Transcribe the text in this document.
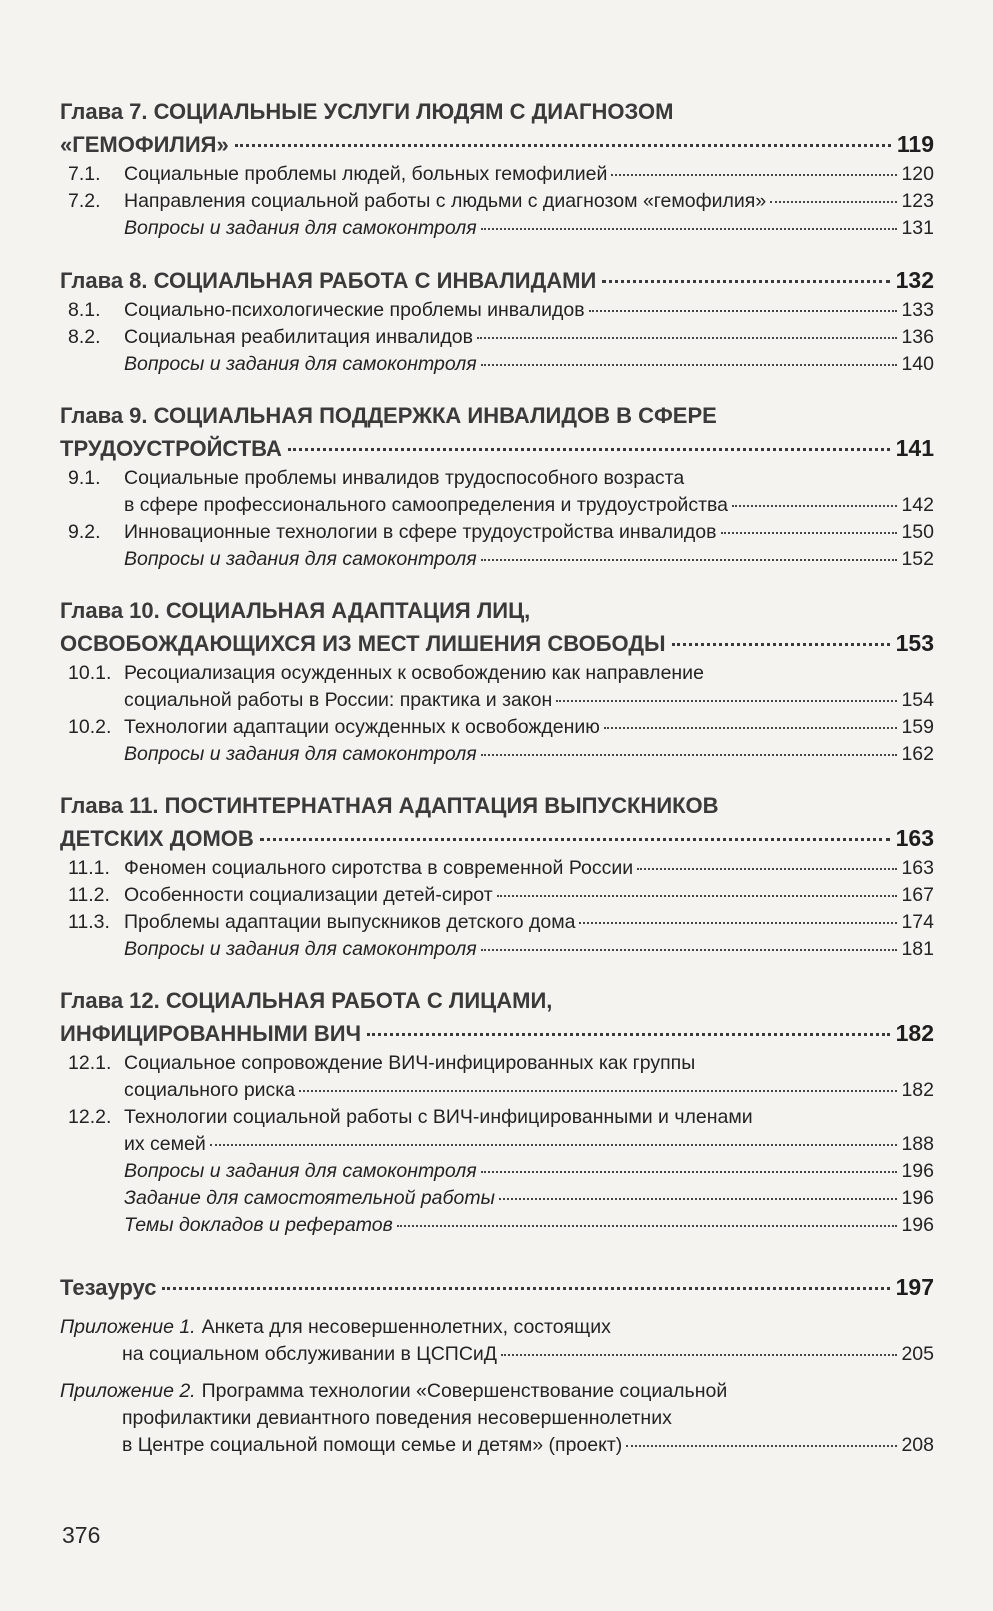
Глава 7. СОЦИАЛЬНЫЕ УСЛУГИ ЛЮДЯМ С ДИАГНОЗОМ
«ГЕМОФИЛИЯ»	119
7.1.	Социальные проблемы людей, больных гемофилией	120
7.2.	Направления социальной работы с людьми с диагнозом «гемофилия»	123
Вопросы и задания для самоконтроля	131
Глава 8. СОЦИАЛЬНАЯ РАБОТА С ИНВАЛИДАМИ	132
8.1.	Социально-психологические проблемы инвалидов	133
8.2.	Социальная реабилитация инвалидов	136
Вопросы и задания для самоконтроля	140
Глава 9. СОЦИАЛЬНАЯ ПОДДЕРЖКА ИНВАЛИДОВ В СФЕРЕ
ТРУДОУСТРОЙСТВА	141
9.1.	Социальные проблемы инвалидов трудоспособного возраста
в сфере профессионального самоопределения и трудоустройства	142
9.2.	Инновационные технологии в сфере трудоустройства инвалидов	150
Вопросы и задания для самоконтроля	152
Глава 10. СОЦИАЛЬНАЯ АДАПТАЦИЯ ЛИЦ,
ОСВОБОЖДАЮЩИХСЯ ИЗ МЕСТ ЛИШЕНИЯ СВОБОДЫ	153
10.1. Ресоциализация осужденных к освобождению как направление
социальной работы в России: практика и закон	154
10.2. Технологии адаптации осужденных к освобождению	159
Вопросы и задания для самоконтроля	162
Глава 11. ПОСТИНТЕРНАТНАЯ АДАПТАЦИЯ ВЫПУСКНИКОВ
ДЕТСКИХ ДОМОВ	163
11.1. Феномен социального сиротства в современной России	163
11.2. Особенности социализации детей-сирот	167
11.3. Проблемы адаптации выпускников детского дома	174
Вопросы и задания для самоконтроля	181
Глава 12. СОЦИАЛЬНАЯ РАБОТА С ЛИЦАМИ,
ИНФИЦИРОВАННЫМИ ВИЧ	182
12.1. Социальное сопровождение ВИЧ-инфицированных как группы
социального риска	182
12.2. Технологии социальной работы с ВИЧ-инфицированными и членами
их семей	188
Вопросы и задания для самоконтроля	196
Задание для самостоятельной работы	196
Темы докладов и рефератов	196
Тезаурус	197
Приложение 1. Анкета для несовершеннолетних, состоящих
на социальном обслуживании в ЦСПСиД	205
Приложение 2. Программа технологии «Совершенствование социальной
профилактики девиантного поведения несовершеннолетних
в Центре социальной помощи семье и детям» (проект)	208
376
